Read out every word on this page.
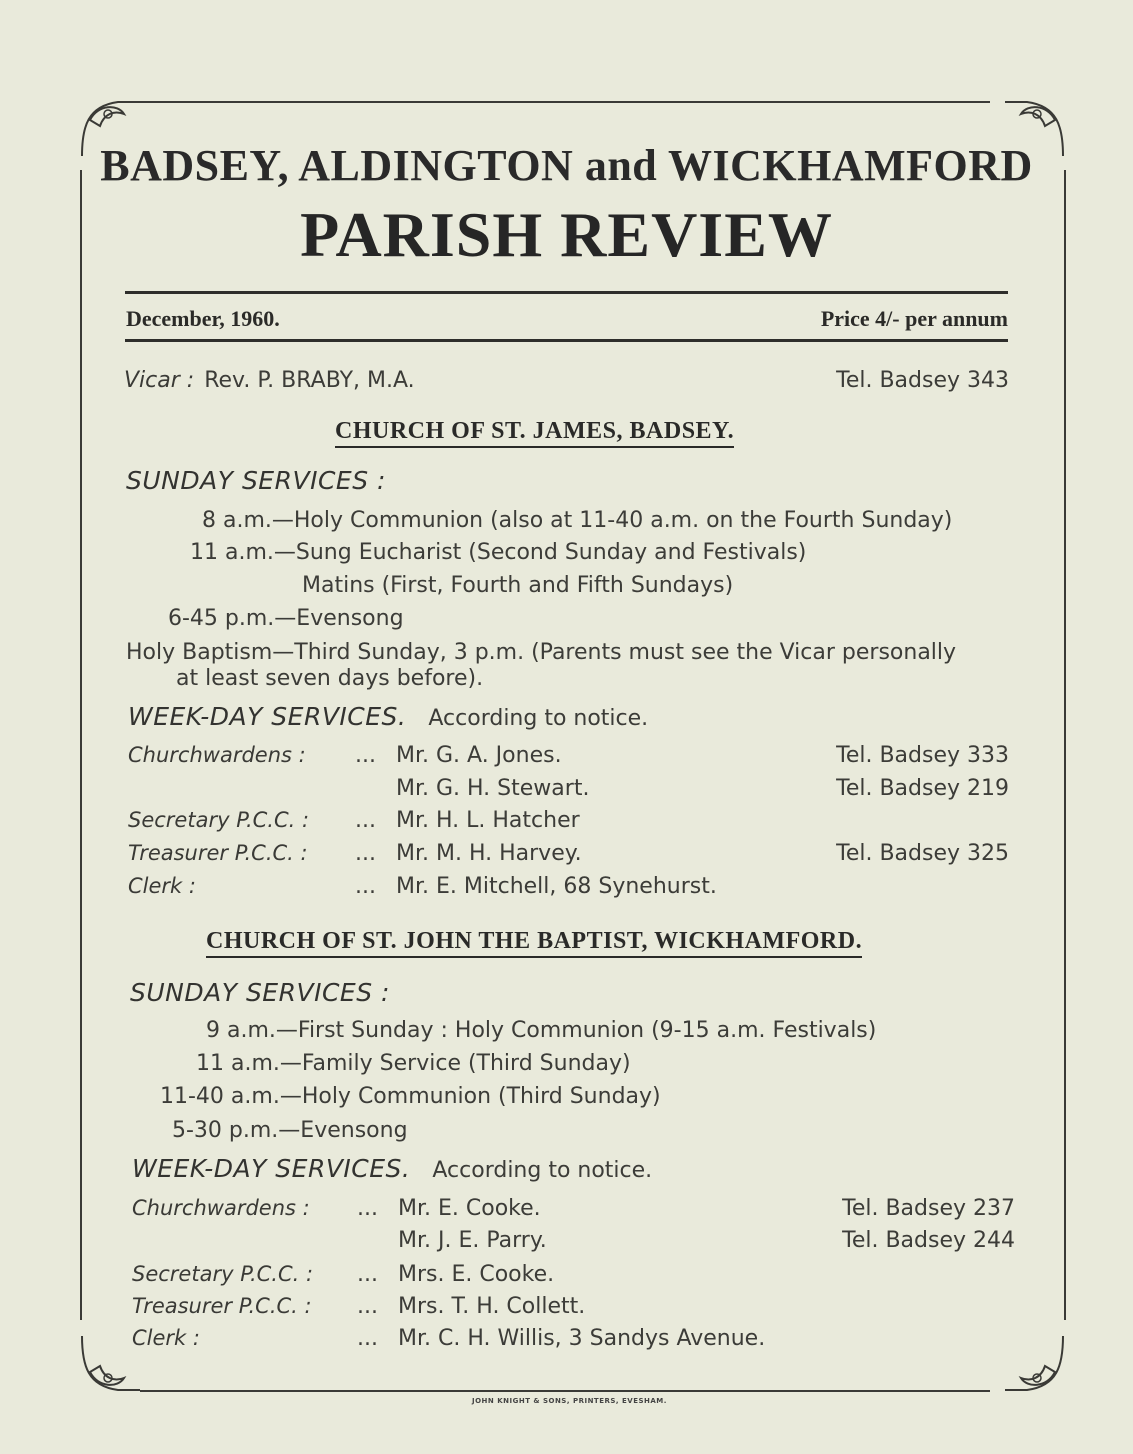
BADSEY, ALDINGTON and WICKHAMFORD
PARISH REVIEW
December, 1960.	Price 4/- per annum
Vicar : Rev. P. BRABY, M.A.	Tel. Badsey 343
CHURCH OF ST. JAMES, BADSEY.
SUNDAY SERVICES :
8 a.m.—Holy Communion (also at 11-40 a.m. on the Fourth Sunday)
11 a.m.—Sung Eucharist (Second Sunday and Festivals)
Matins (First, Fourth and Fifth Sundays)
6-45 p.m.—Evensong
Holy Baptism—Third Sunday, 3 p.m. (Parents must see the Vicar personally
at least seven days before).
WEEK-DAY SERVICES. According to notice.
Churchwardens : ... Mr. G. A. Jones.	Tel. Badsey 333
Mr. G. H. Stewart.	Tel. Badsey 219
Secretary P.C.C. : ... Mr. H. L. Hatcher
Treasurer P.C.C. : ... Mr. M. H. Harvey.	Tel. Badsey 325
Clerk :	... Mr. E. Mitchell, 68 Synehurst.
CHURCH OF ST. JOHN THE BAPTIST, WICKHAMFORD.
SUNDAY SERVICES :
9 a.m.—First Sunday : Holy Communion (9-15 a.m. Festivals)
11 a.m.—Family Service (Third Sunday)
11-40 a.m.—Holy Communion (Third Sunday)
5-30 p.m.—Evensong
WEEK-DAY SERVICES. According to notice.
Churchwardens : ... Mr. E. Cooke.	Tel. Badsey 237
Mr. J. E. Parry.	Tel. Badsey 244
Secretary P.C.C. : ... Mrs. E. Cooke.
Treasurer P.C.C. : ... Mrs. T. H. Collett.
Clerk :	... Mr. C. H. Willis, 3 Sandys Avenue.
JOHN KNIGHT & SONS, PRINTERS, EVESHAM.
